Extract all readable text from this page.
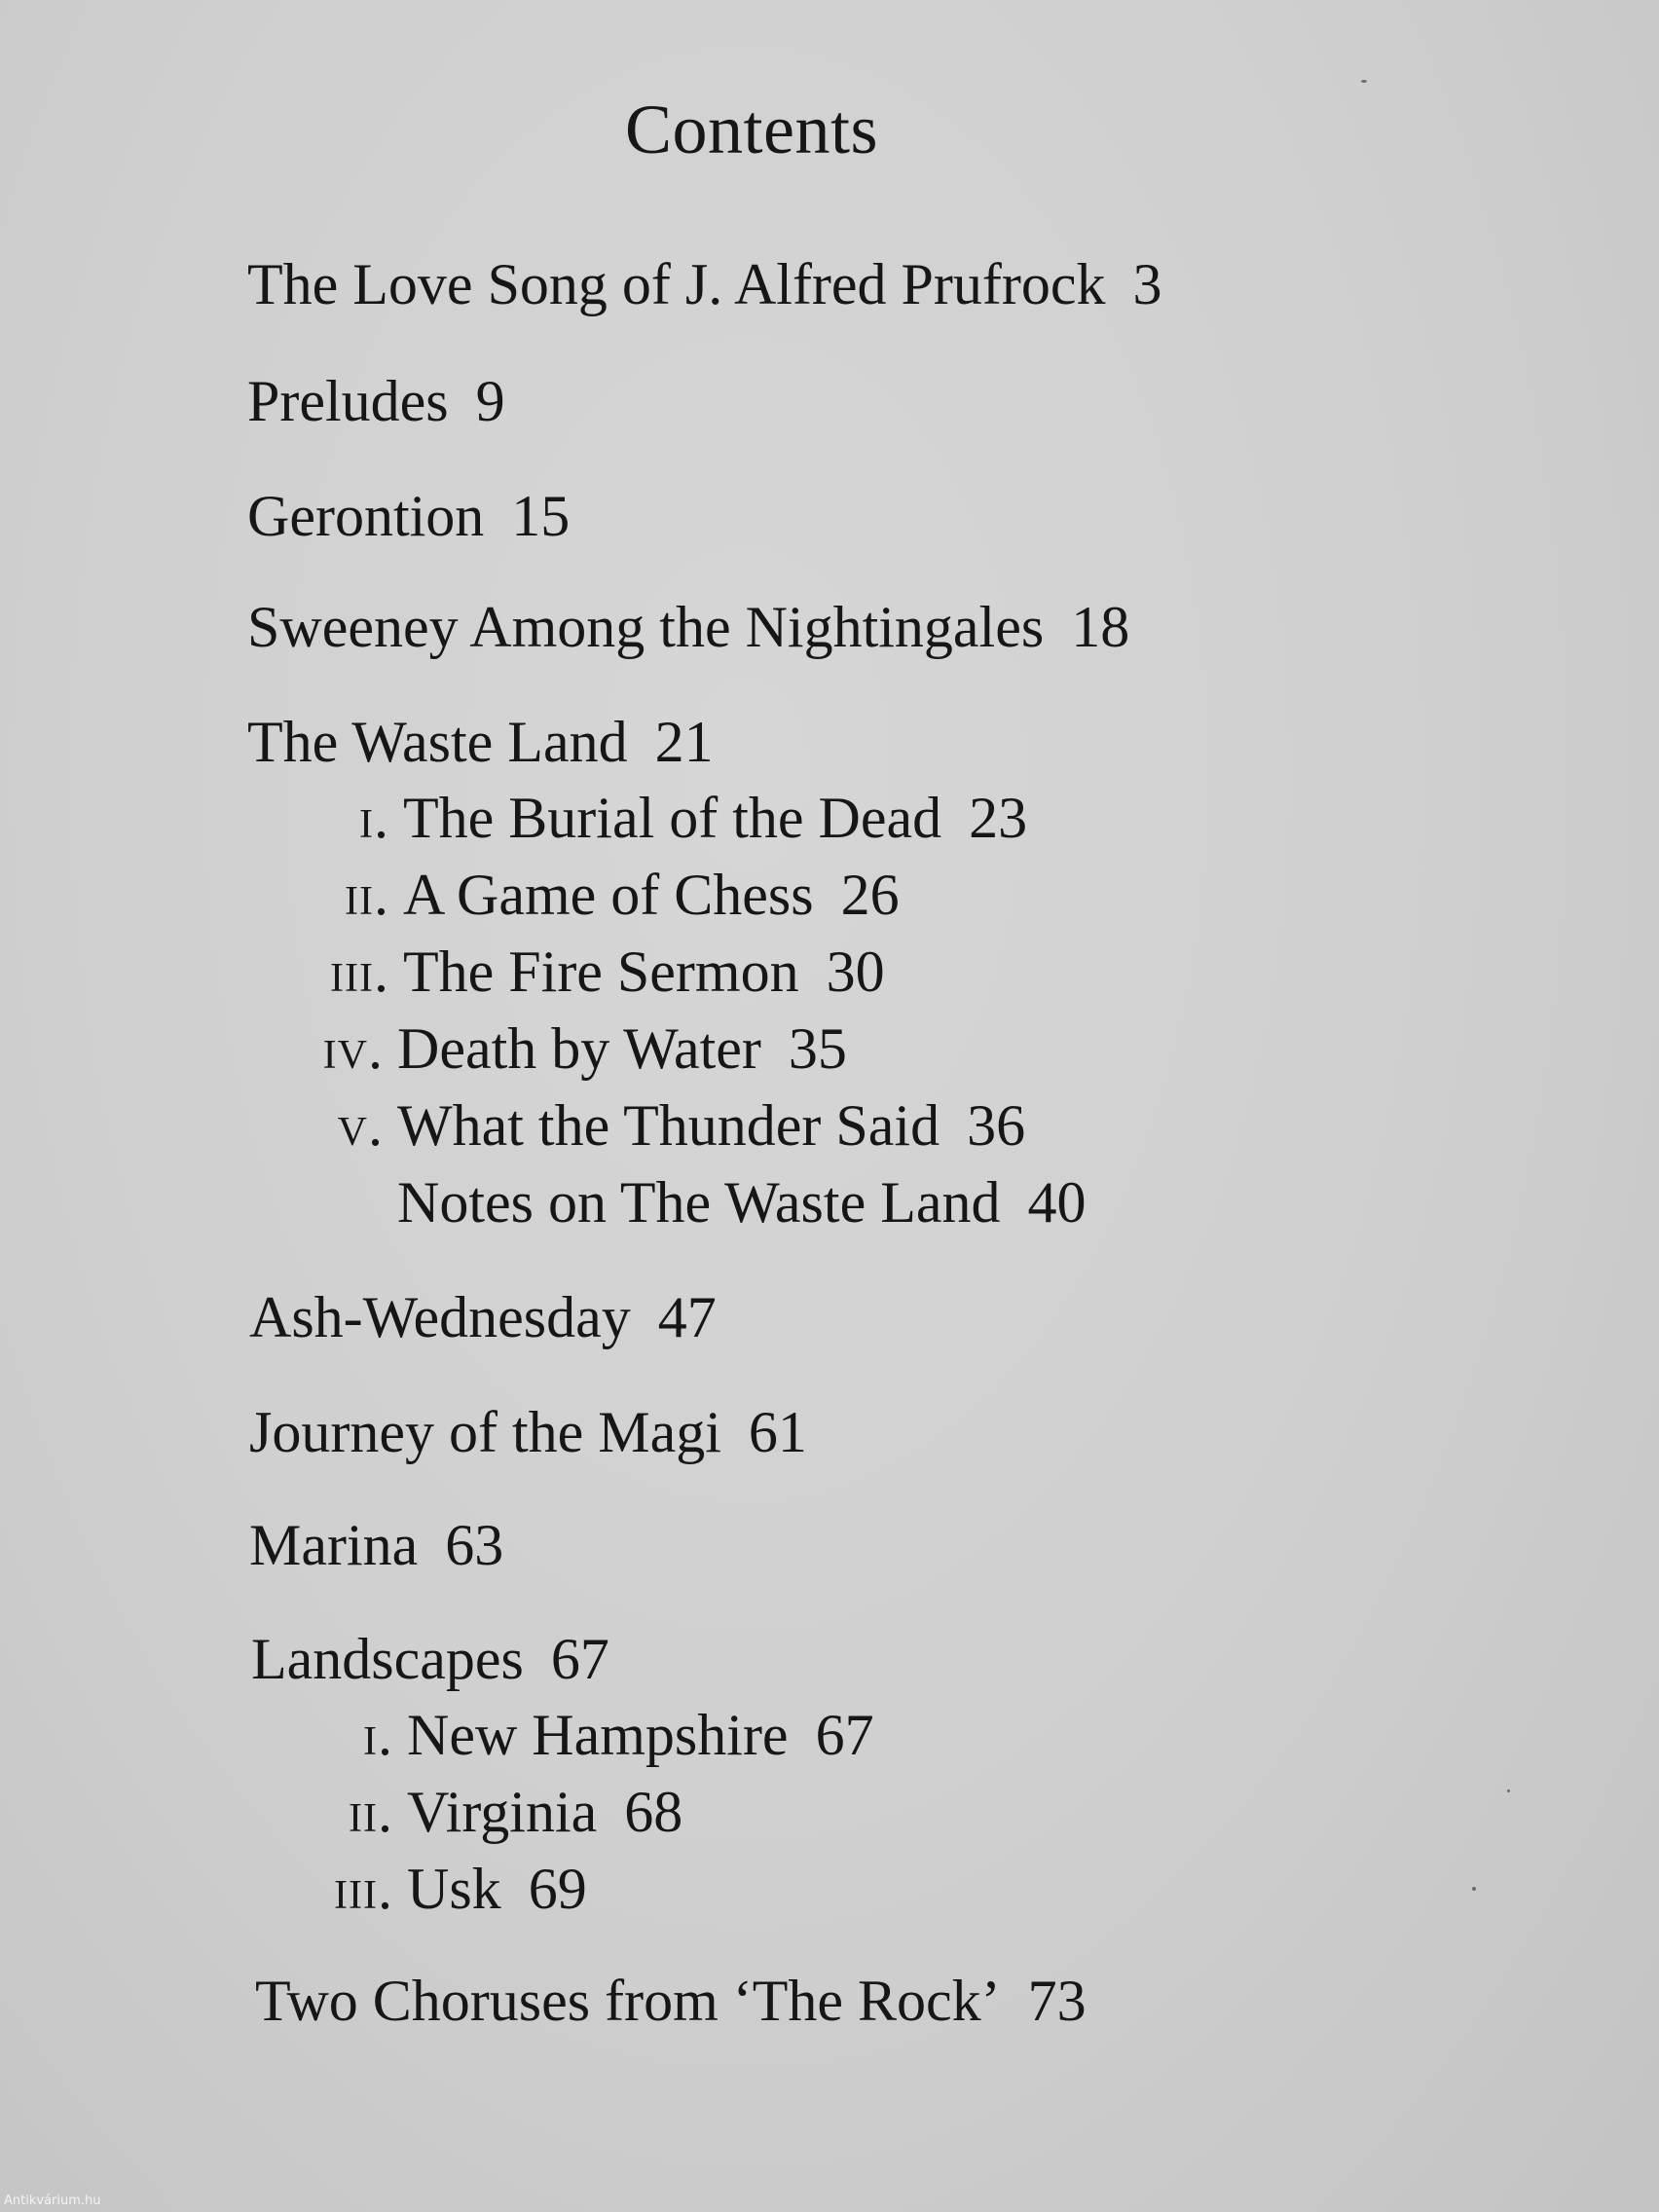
Contents
The Love Song of J. Alfred Prufrock 3
Preludes 9
Gerontion 15
Sweeney Among the Nightingales 18
The Waste Land 21
i. The Burial of the Dead 23
ii. A Game of Chess 26
iii. The Fire Sermon 30
iv. Death by Water 35
v. What the Thunder Said 36
Notes on The Waste Land 40
Ash-Wednesday 47
Journey of the Magi 61
Marina 63
Landscapes 67
i. New Hampshire 67
ii. Virginia 68
iii. Usk 69
Two Choruses from ‘The Rock’ 73
Antikvárium.hu
